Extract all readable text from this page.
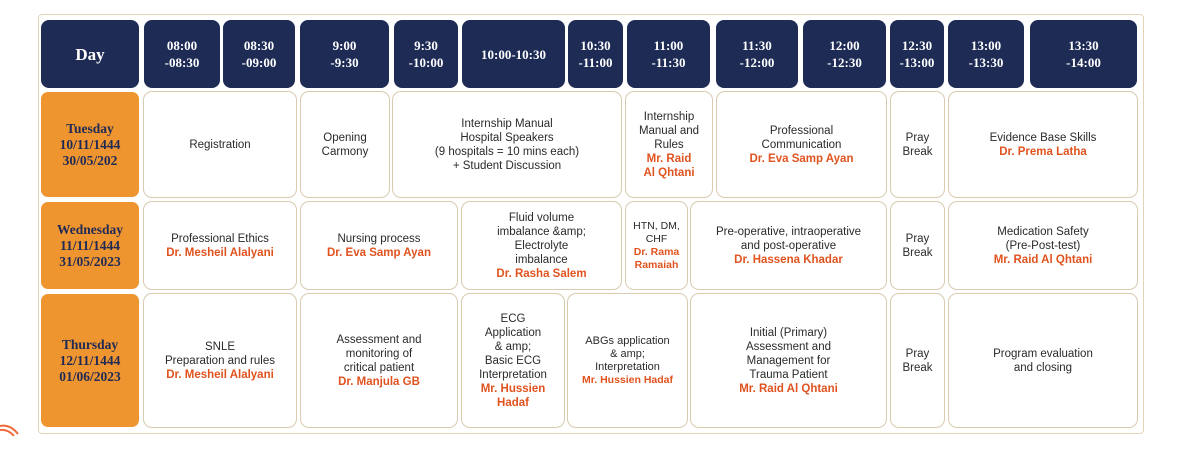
Day	08:00
-08:30
08:30
-09:00
9:00
-9:30
9:30
-10:00
10:00-10:30
10:30
-11:00
11:00
-11:30
11:30
-12:00
12:00
-12:30
12:30
-13:00
13:00
-13:30
13:30
-14:00
Tuesday
10/11/1444
30/05/202
Wednesday
11/11/1444
31/05/2023
Thursday
12/11/1444
01/06/2023
Registration
Opening
Carmony
Internship Manual
Hospital Speakers
(9 hospitals = 10 mins each)
+ Student Discussion
Internship
Manual and
Rules
Mr. Raid
Al Qhtani
Professional
Communication
Dr. Eva Samp Ayan
Pray
Break
Evidence Base Skills
Dr. Prema Latha
Professional Ethics
Dr. Mesheil Alalyani
Nursing process
Dr. Eva Samp Ayan
Fluid volume
imbalance &amp;
Electrolyte
imbalance
Dr. Rasha Salem
HTN, DM,
CHF
Dr. Rama
Ramaiah
Pre-operative, intraoperative
and post-operative
Dr. Hassena Khadar
Pray
Break
Medication Safety
(Pre-Post-test)
Mr. Raid Al Qhtani
SNLE
Preparation and rules
Dr. Mesheil Alalyani
Assessment and
monitoring of
critical patient
Dr. Manjula GB
ECG
Application
& amp;
Basic ECG
Interpretation
Mr. Hussien
Hadaf
ABGs application
& amp;
Interpretation
Mr. Hussien Hadaf
Initial (Primary)
Assessment and
Management for
Trauma Patient
Mr. Raid Al Qhtani
Pray
Break
Program evaluation
and closing
